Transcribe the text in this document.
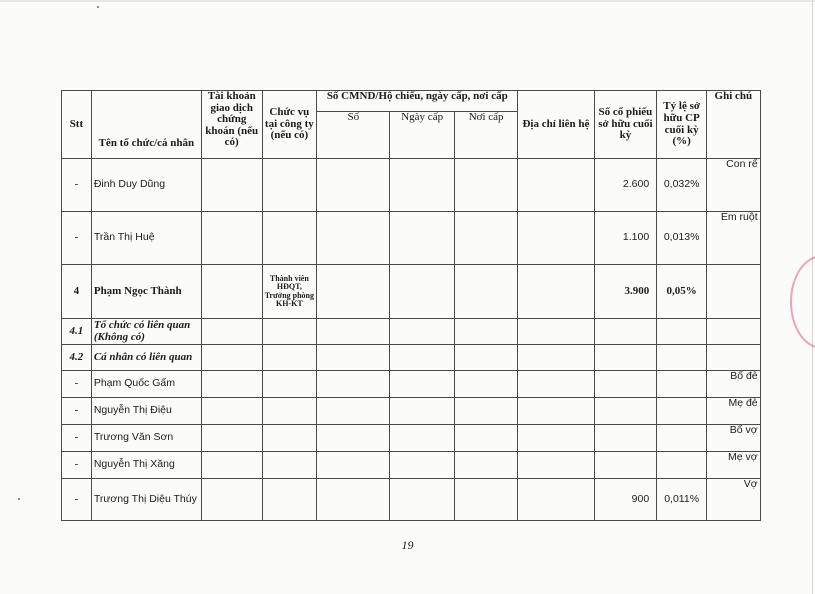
Stt	Tên tổ chức/cá nhân	Tài khoản giao dịch chứng khoán (nếu có)	Chức vụ tại công ty (nếu có)	Số CMND/Hộ chiếu, ngày cấp, nơi cấp			Địa chỉ liên hệ	Số cổ phiếu sở hữu cuối kỳ	Tỷ lệ sở hữu CP cuối kỳ (%)	Ghi chú
				Số	Ngày cấp	Nơi cấp				
-	Đinh Duy Dũng							2.600	0,032%	Con rể
-	Trần Thị Huệ							1.100	0,013%	Em ruột
4	Phạm Ngọc Thành		Thành viên HĐQT, Trưởng phòng KH-KT					3.900	0,05%	
4.1	Tổ chức có liên quan (Không có)									
4.2	Cá nhân có liên quan									
-	Phạm Quốc Gấm									Bố đẻ
-	Nguyễn Thị Điệu									Mẹ đẻ
-	Trương Văn Sơn									Bố vợ
-	Nguyễn Thị Xăng									Mẹ vợ
-	Trương Thị Diệu Thúy							900	0,011%	Vợ
19
